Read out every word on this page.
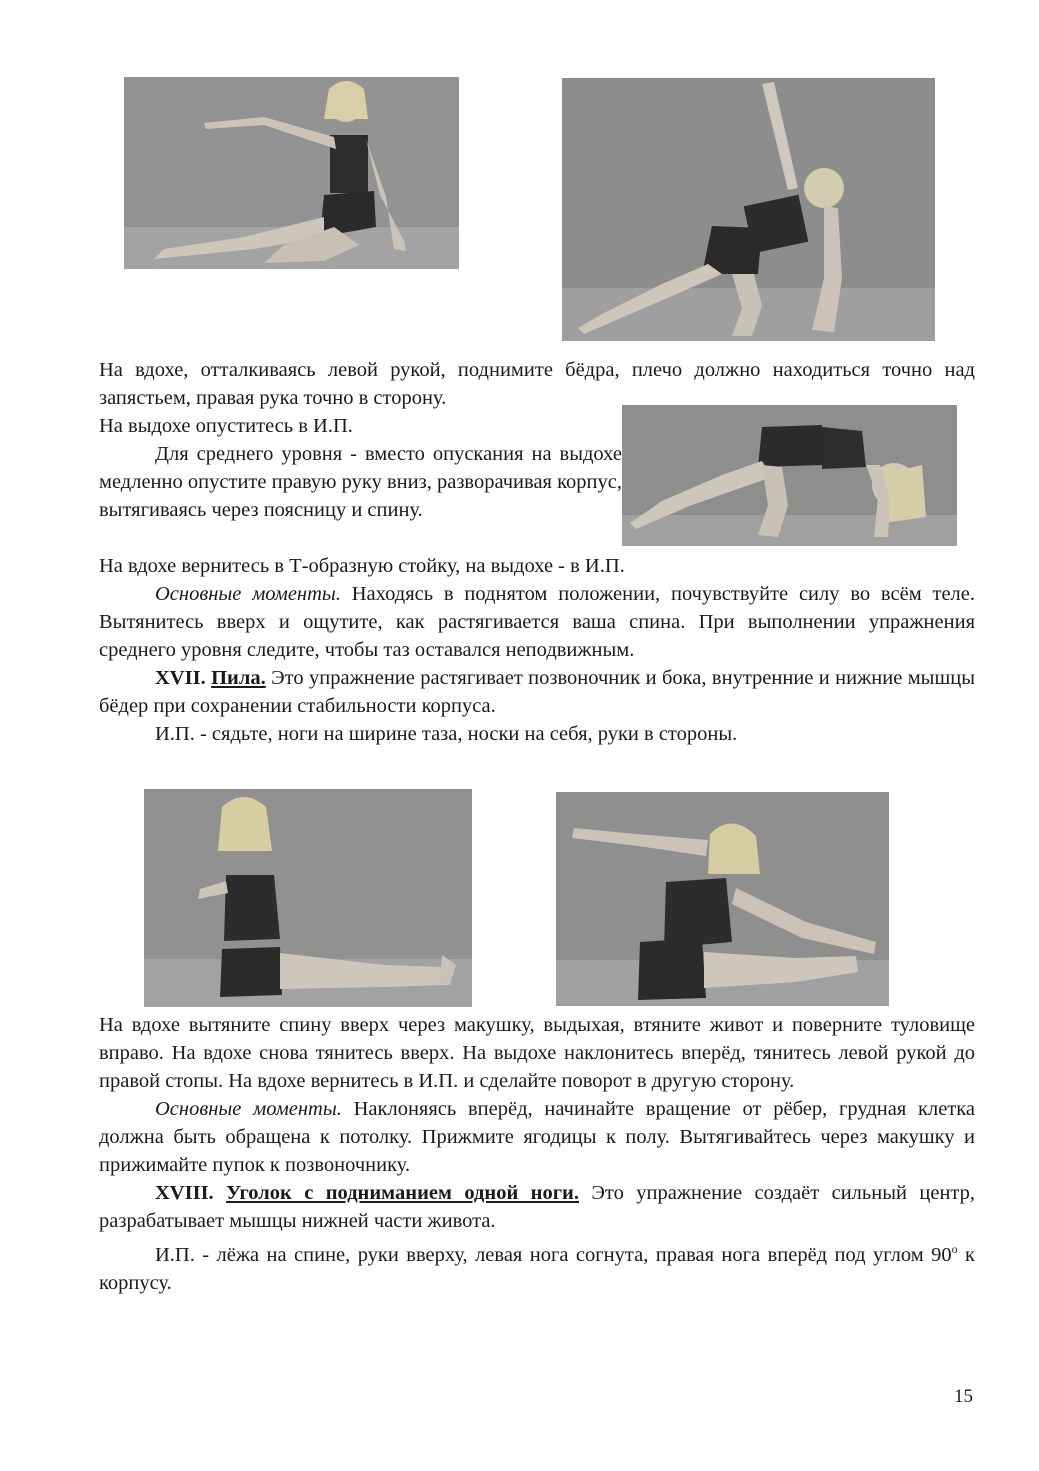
На вдохе, отталкиваясь левой рукой, поднимите бёдра, плечо должно находиться точно над запястьем, правая рука точно в сторону.

На выдохе опуститесь в И.П.

Для среднего уровня - вместо опускания на выдохе медленно опустите правую руку вниз, разворачивая корпус, вытягиваясь через поясницу и спину.

На вдохе вернитесь в Т-образную стойку, на выдохе - в И.П.

Основные моменты. Находясь в поднятом положении, почувствуйте силу во всём теле. Вытянитесь вверх и ощутите, как растягивается ваша спина. При выполнении упражнения среднего уровня следите, чтобы таз оставался неподвижным.

XVII. Пила. Это упражнение растягивает позвоночник и бока, внутренние и нижние мышцы бёдер при сохранении стабильности корпуса.

И.П. - сядьте, ноги на ширине таза, носки на себя, руки в стороны.

На вдохе вытяните спину вверх через макушку, выдыхая, втяните живот и поверните туловище вправо. На вдохе снова тянитесь вверх. На выдохе наклонитесь вперёд, тянитесь левой рукой до правой стопы. На вдохе вернитесь в И.П. и сделайте поворот в другую сторону.

Основные моменты. Наклоняясь вперёд, начинайте вращение от рёбер, грудная клетка должна быть обращена к потолку. Прижмите ягодицы к полу. Вытягивайтесь через макушку и прижимайте пупок к позвоночнику.

XVIII. Уголок с подниманием одной ноги. Это упражнение создаёт сильный центр, разрабатывает мышцы нижней части живота.

И.П. - лёжа на спине, руки вверху, левая нога согнута, правая нога вперёд под углом $90^о$ к корпусу.

15
